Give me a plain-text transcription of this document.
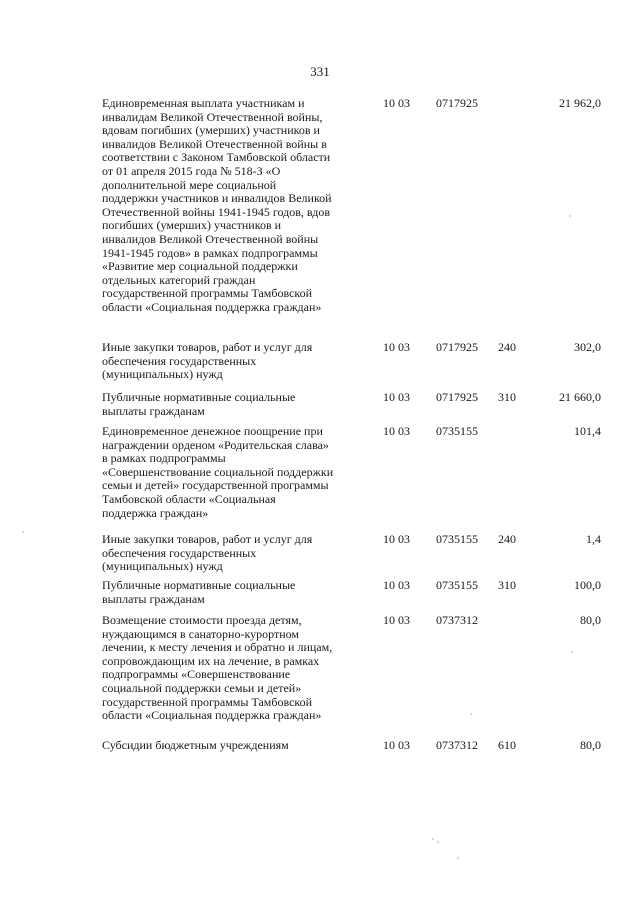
331
Единовременная выплата участникам и
инвалидам Великой Отечественной войны,
вдовам погибших (умерших) участников и
инвалидов Великой Отечественной войны в
соответствии с Законом Тамбовской области
от 01 апреля 2015 года № 518-З «О
дополнительной мере социальной
поддержки участников и инвалидов Великой
Отечественной войны 1941-1945 годов, вдов
погибших (умерших) участников и
инвалидов Великой Отечественной войны
1941-1945 годов» в рамках подпрограммы
«Развитие мер социальной поддержки
отдельных категорий граждан
государственной программы Тамбовской
области «Социальная поддержка граждан»
10 03 0717925	21 962,0
Иные закупки товаров, работ и услуг для
обеспечения государственных
(муниципальных) нужд
10 03 0717925 240	302,0
Публичные нормативные социальные
выплаты гражданам
10 03 0717925 310	21 660,0
Единовременное денежное поощрение при
награждении орденом «Родительская слава»
в рамках подпрограммы
«Совершенствование социальной поддержки
семьи и детей» государственной программы
Тамбовской области «Социальная
поддержка граждан»
10 03 0735155	101,4
Иные закупки товаров, работ и услуг для
обеспечения государственных
(муниципальных) нужд
10 03 0735155 240	1,4
Публичные нормативные социальные
выплаты гражданам
10 03 0735155 310	100,0
Возмещение стоимости проезда детям,
нуждающимся в санаторно-курортном
лечении, к месту лечения и обратно и лицам,
сопровождающим их на лечение, в рамках
подпрограммы «Совершенствование
социальной поддержки семьи и детей»
государственной программы Тамбовской
области «Социальная поддержка граждан»
10 03 0737312	80,0
Субсидии бюджетным учреждениям	10 03 0737312 610	80,0
